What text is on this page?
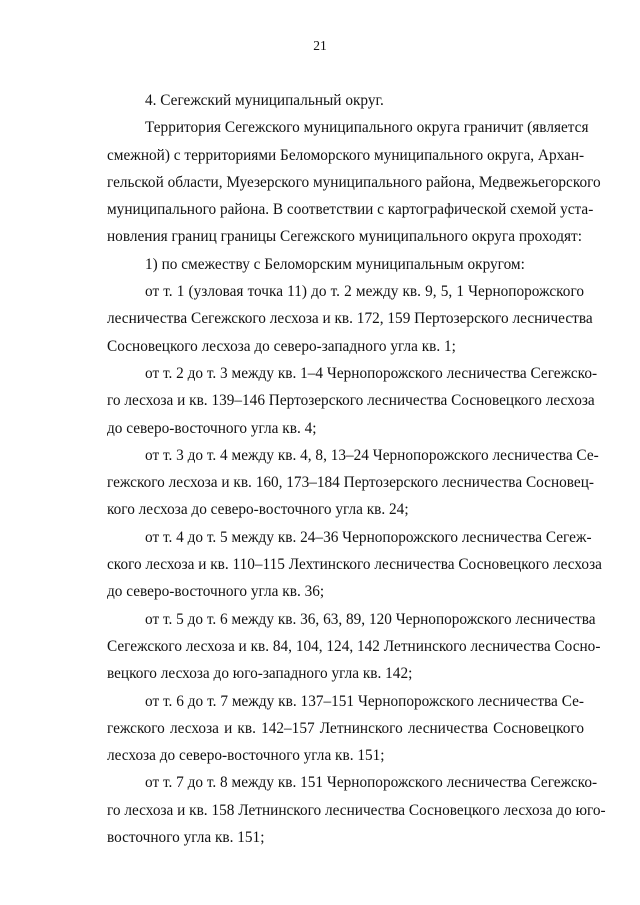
21
4. Сегежский муниципальный округ.
Территория Сегежского муниципального округа граничит (является
смежной) с территориями Беломорского муниципального округа, Архан-
гельской области, Муезерского муниципального района, Медвежьегорского
муниципального района. В соответствии с картографической схемой уста-
новления границ границы Сегежского муниципального округа проходят:
1) по смежеству с Беломорским муниципальным округом:
от т. 1 (узловая точка 11) до т. 2 между кв. 9, 5, 1 Чернопорожского
лесничества Сегежского лесхоза и кв. 172, 159 Пертозерского лесничества
Сосновецкого лесхоза до северо-западного угла кв. 1;
от т. 2 до т. 3 между кв. 1–4 Чернопорожского лесничества Сегежско-
го лесхоза и кв. 139–146 Пертозерского лесничества Сосновецкого лесхоза
до северо-восточного угла кв. 4;
от т. 3 до т. 4 между кв. 4, 8, 13–24 Чернопорожского лесничества Се-
гежского лесхоза и кв. 160, 173–184 Пертозерского лесничества Сосновец-
кого лесхоза до северо-восточного угла кв. 24;
от т. 4 до т. 5 между кв. 24–36 Чернопорожского лесничества Сегеж-
ского лесхоза и кв. 110–115 Лехтинского лесничества Сосновецкого лесхоза
до северо-восточного угла кв. 36;
от т. 5 до т. 6 между кв. 36, 63, 89, 120 Чернопорожского лесничества
Сегежского лесхоза и кв. 84, 104, 124, 142 Летнинского лесничества Сосно-
вецкого лесхоза до юго-западного угла кв. 142;
от т. 6 до т. 7 между кв. 137–151 Чернопорожского лесничества Се-
гежского лесхоза и кв. 142–157 Летнинского лесничества Сосновецкого
лесхоза до северо-восточного угла кв. 151;
от т. 7 до т. 8 между кв. 151 Чернопорожского лесничества Сегежско-
го лесхоза и кв. 158 Летнинского лесничества Сосновецкого лесхоза до юго-
восточного угла кв. 151;
